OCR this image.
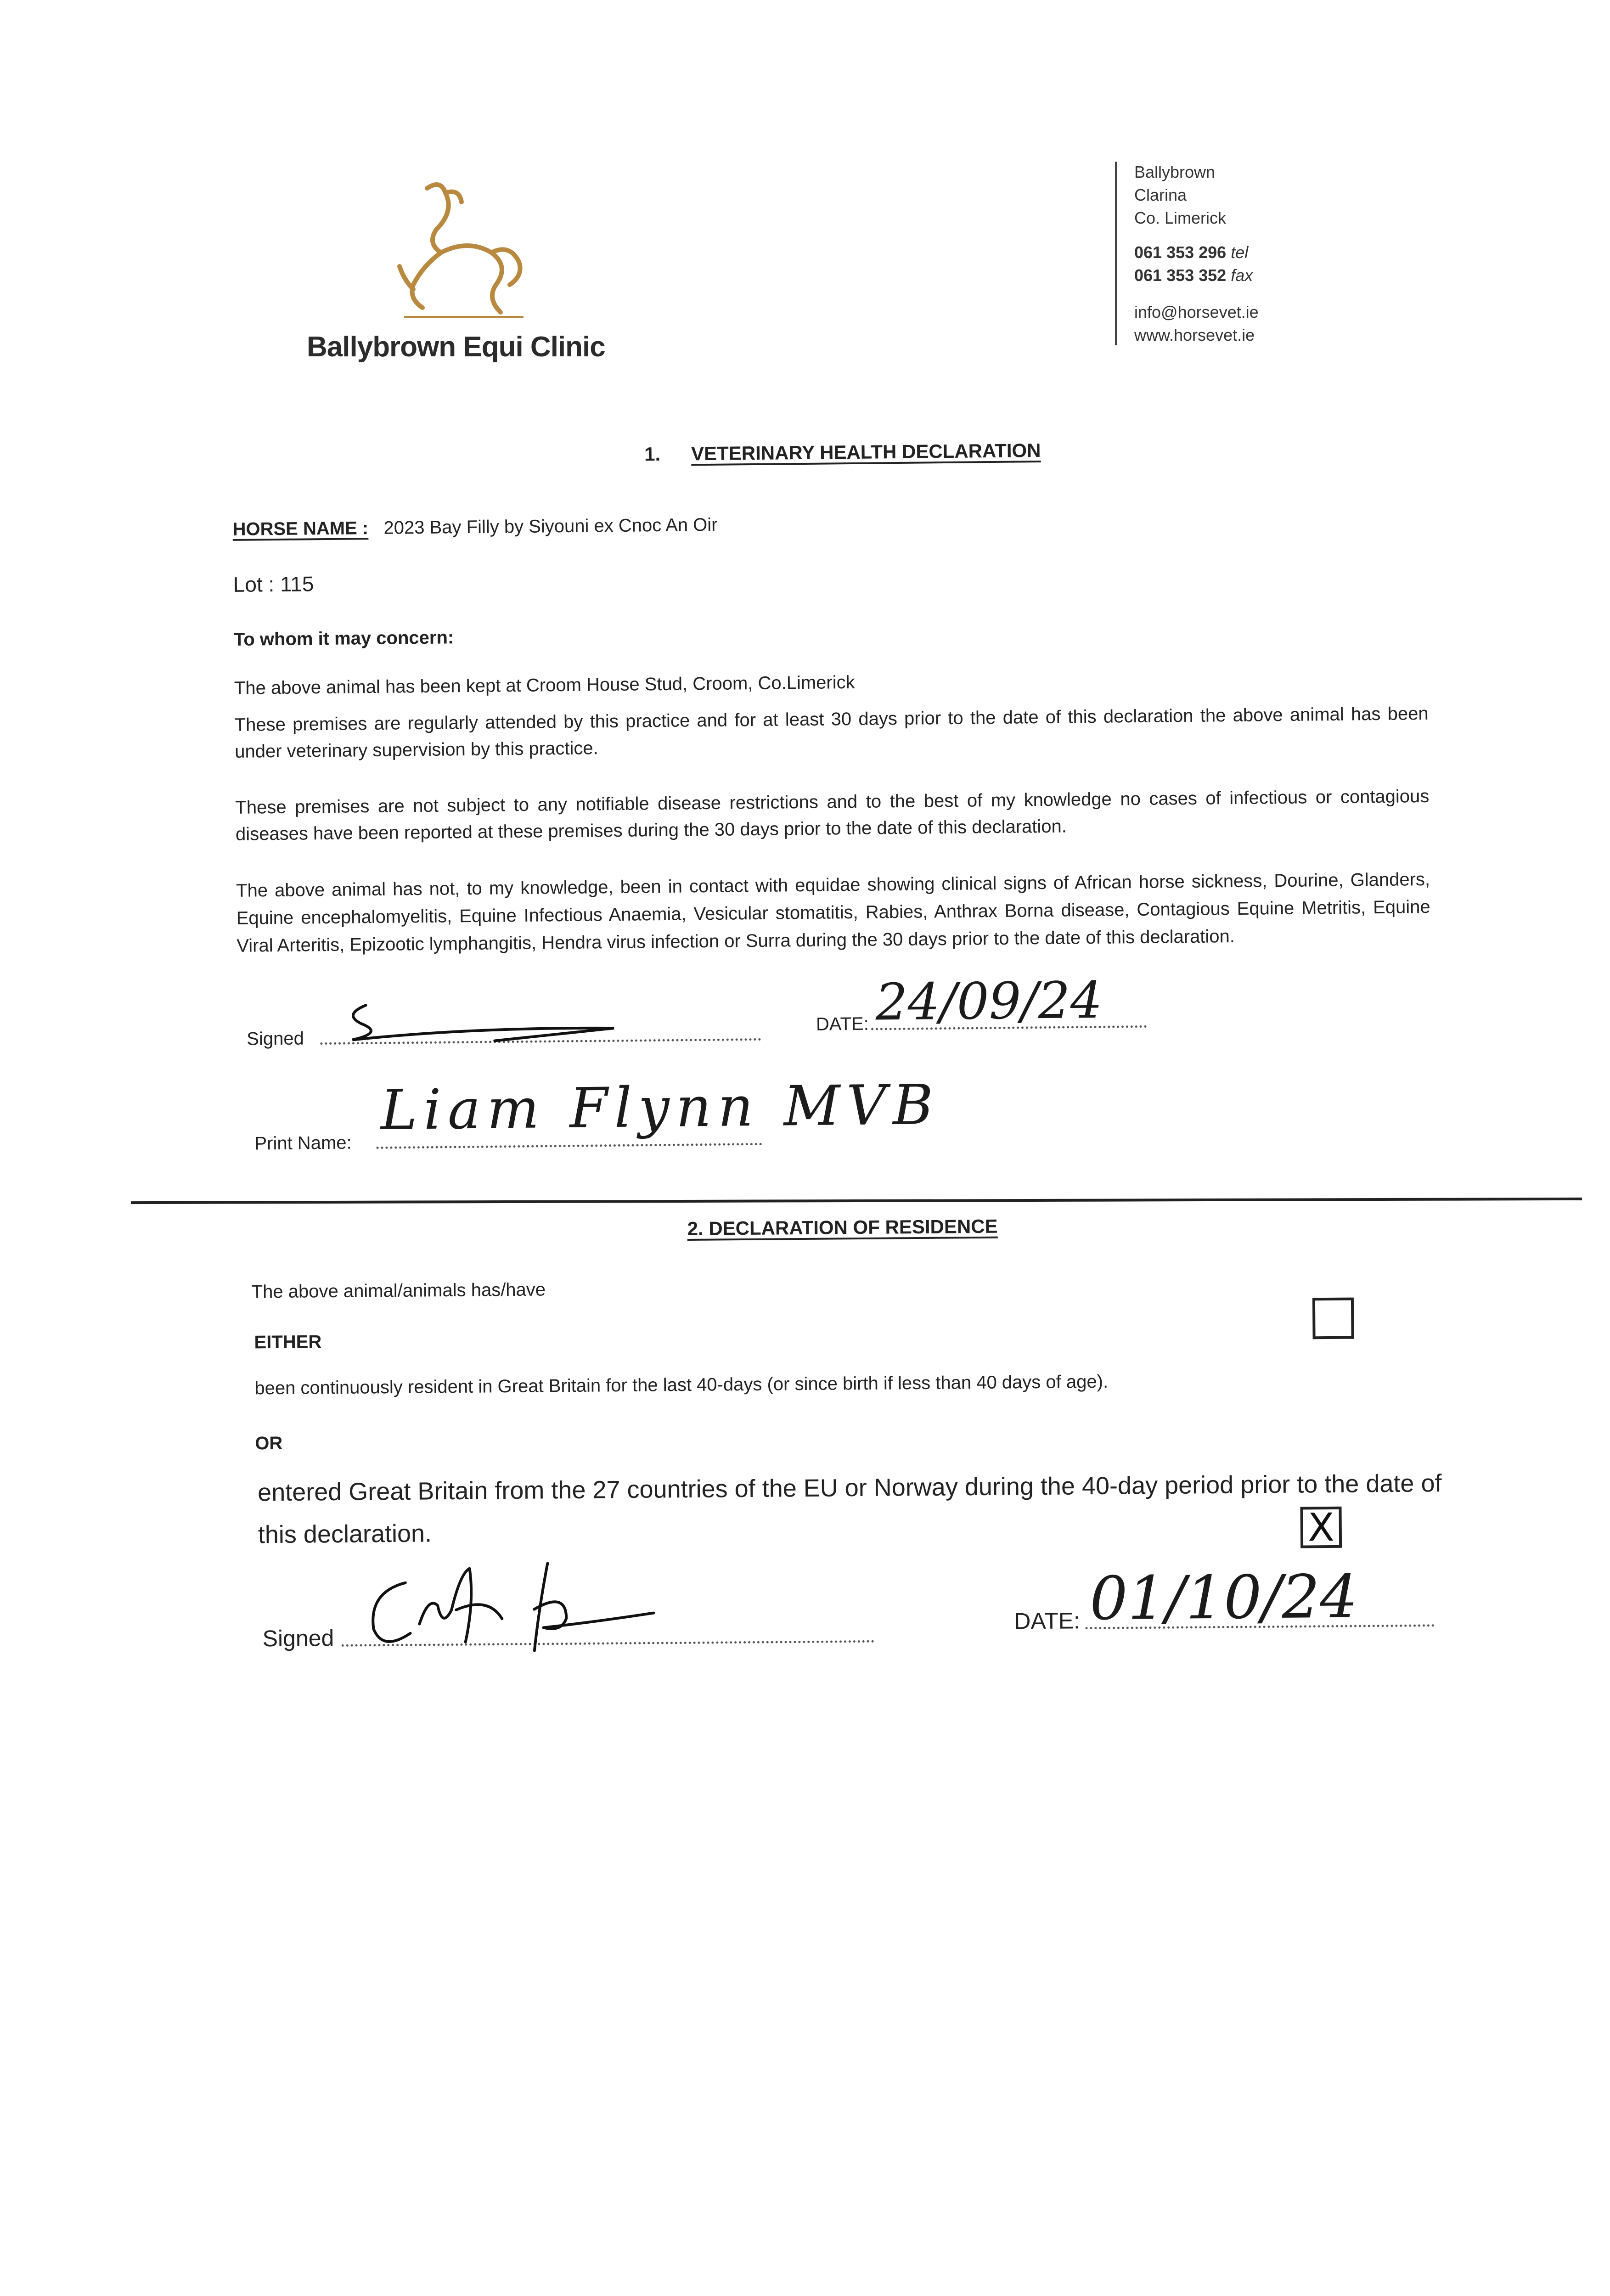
Ballybrown Equi Clinic
Ballybrown
Clarina
Co. Limerick
061 353 296 tel
061 353 352 fax
info@horsevet.ie
www.horsevet.ie
1. VETERINARY HEALTH DECLARATION
HORSE NAME : 2023 Bay Filly by Siyouni ex Cnoc An Oir
Lot : 115
To whom it may concern:
The above animal has been kept at Croom House Stud, Croom, Co.Limerick
These premises are regularly attended by this practice and for at least 30 days prior to the date of this declaration the above animal has been under veterinary supervision by this practice.
These premises are not subject to any notifiable disease restrictions and to the best of my knowledge no cases of infectious or contagious diseases have been reported at these premises during the 30 days prior to the date of this declaration.
The above animal has not, to my knowledge, been in contact with equidae showing clinical signs of African horse sickness, Dourine, Glanders, Equine encephalomyelitis, Equine Infectious Anaemia, Vesicular stomatitis, Rabies, Anthrax Borna disease, Contagious Equine Metritis, Equine Viral Arteritis, Epizootic lymphangitis, Hendra virus infection or Surra during the 30 days prior to the date of this declaration.
Signed
DATE: 24/09/24
Print Name:
Liam Flynn MVB
2. DECLARATION OF RESIDENCE
The above animal/animals has/have
EITHER
been continuously resident in Great Britain for the last 40-days (or since birth if less than 40 days of age).
OR
entered Great Britain from the 27 countries of the EU or Norway during the 40-day period prior to the date of this declaration.	X
Signed
DATE: 01/10/24
